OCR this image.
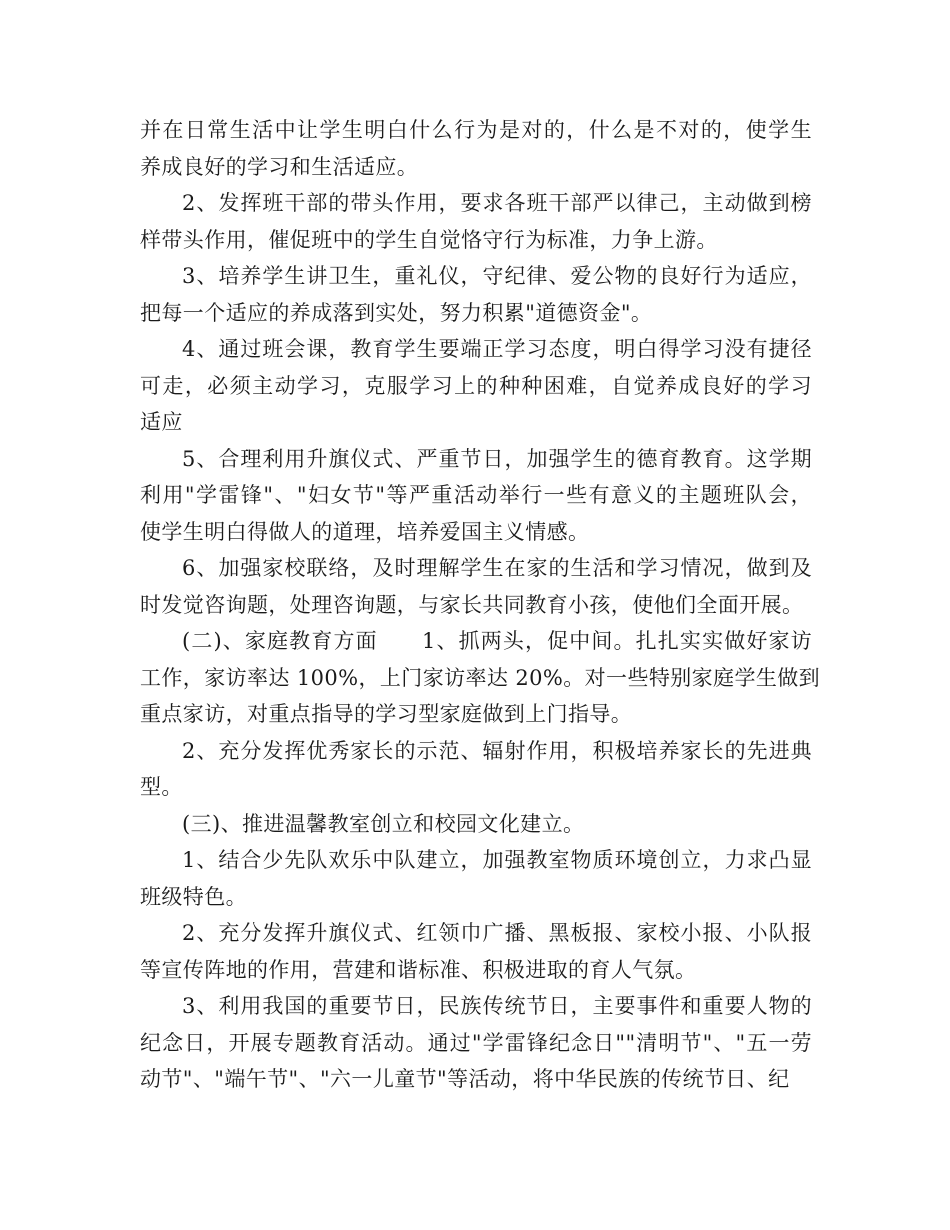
并在日常生活中让学生明白什么行为是对的，什么是不对的，使学生
养成良好的学习和生活适应。
2、发挥班干部的带头作用，要求各班干部严以律己，主动做到榜
样带头作用，催促班中的学生自觉恪守行为标准，力争上游。
3、培养学生讲卫生，重礼仪，守纪律、爱公物的良好行为适应，
把每一个适应的养成落到实处，努力积累"道德资金"。
4、通过班会课，教育学生要端正学习态度，明白得学习没有捷径
可走，必须主动学习，克服学习上的种种困难，自觉养成良好的学习
适应
5、合理利用升旗仪式、严重节日，加强学生的德育教育。这学期
利用"学雷锋"、"妇女节"等严重活动举行一些有意义的主题班队会，
使学生明白得做人的道理，培养爱国主义情感。
6、加强家校联络，及时理解学生在家的生活和学习情况，做到及
时发觉咨询题，处理咨询题，与家长共同教育小孩，使他们全面开展。
(二)、家庭教育方面　　1、抓两头，促中间。扎扎实实做好家访
工作，家访率达 100%，上门家访率达 20%。对一些特别家庭学生做到
重点家访，对重点指导的学习型家庭做到上门指导。
2、充分发挥优秀家长的示范、辐射作用，积极培养家长的先进典
型。
(三)、推进温馨教室创立和校园文化建立。
1、结合少先队欢乐中队建立，加强教室物质环境创立，力求凸显
班级特色。
2、充分发挥升旗仪式、红领巾广播、黑板报、家校小报、小队报
等宣传阵地的作用，营建和谐标准、积极进取的育人气氛。
3、利用我国的重要节日，民族传统节日，主要事件和重要人物的
纪念日，开展专题教育活动。通过"学雷锋纪念日""清明节"、"五一劳
动节"、"端午节"、"六一儿童节"等活动，将中华民族的传统节日、纪
